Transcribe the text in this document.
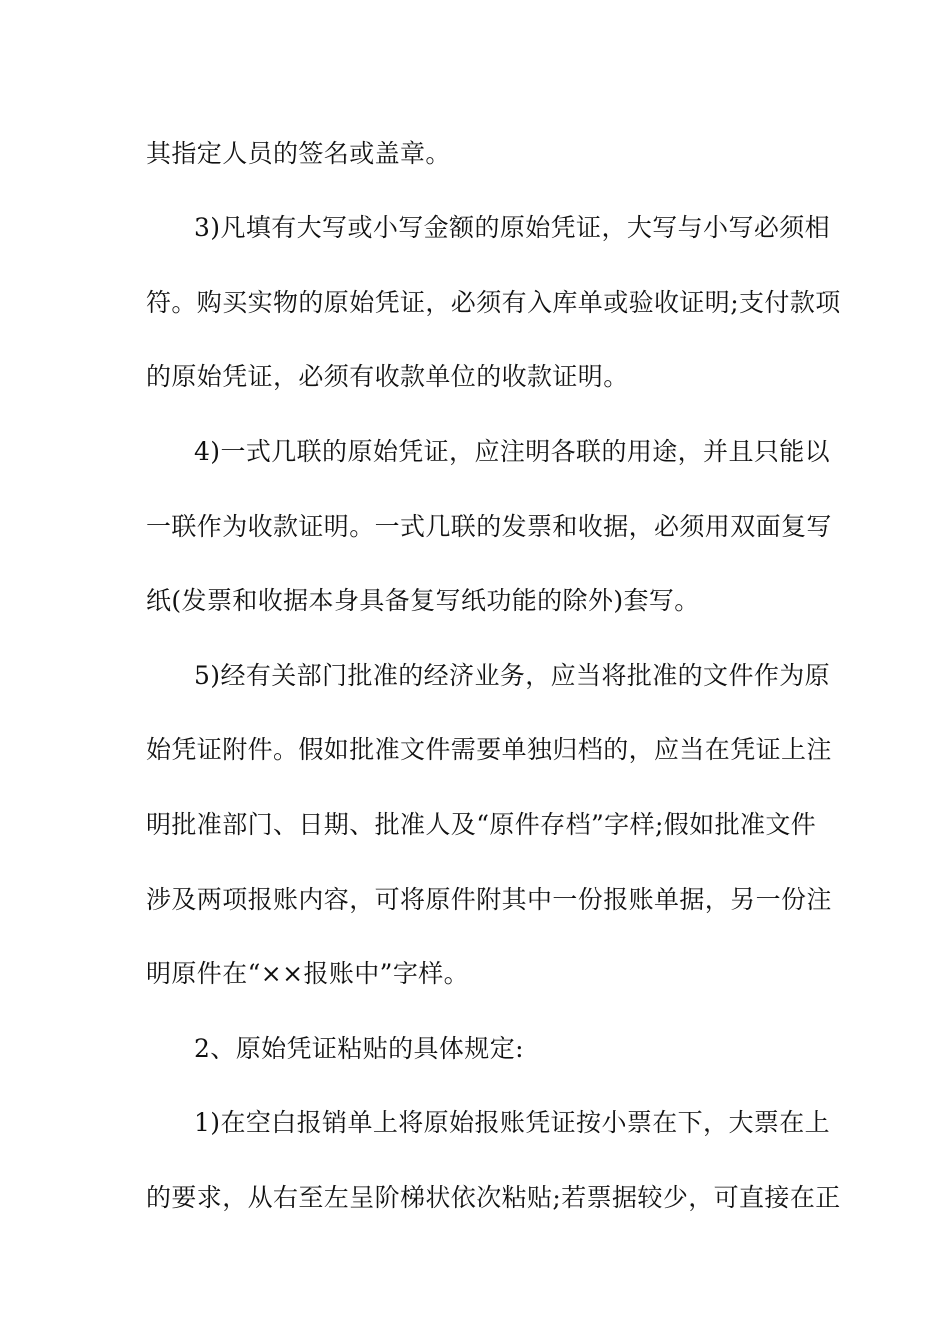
其指定人员的签名或盖章。
3)凡填有大写或小写金额的原始凭证，大写与小写必须相
符。购买实物的原始凭证，必须有入库单或验收证明;支付款项
的原始凭证，必须有收款单位的收款证明。
4)一式几联的原始凭证，应注明各联的用途，并且只能以
一联作为收款证明。一式几联的发票和收据，必须用双面复写
纸(发票和收据本身具备复写纸功能的除外)套写。
5)经有关部门批准的经济业务，应当将批准的文件作为原
始凭证附件。假如批准文件需要单独归档的，应当在凭证上注
明批准部门、日期、批准人及“原件存档”字样;假如批准文件
涉及两项报账内容，可将原件附其中一份报账单据，另一份注
明原件在“××报账中”字样。
2、原始凭证粘贴的具体规定:
1)在空白报销单上将原始报账凭证按小票在下，大票在上
的要求，从右至左呈阶梯状依次粘贴;若票据较少，可直接在正
